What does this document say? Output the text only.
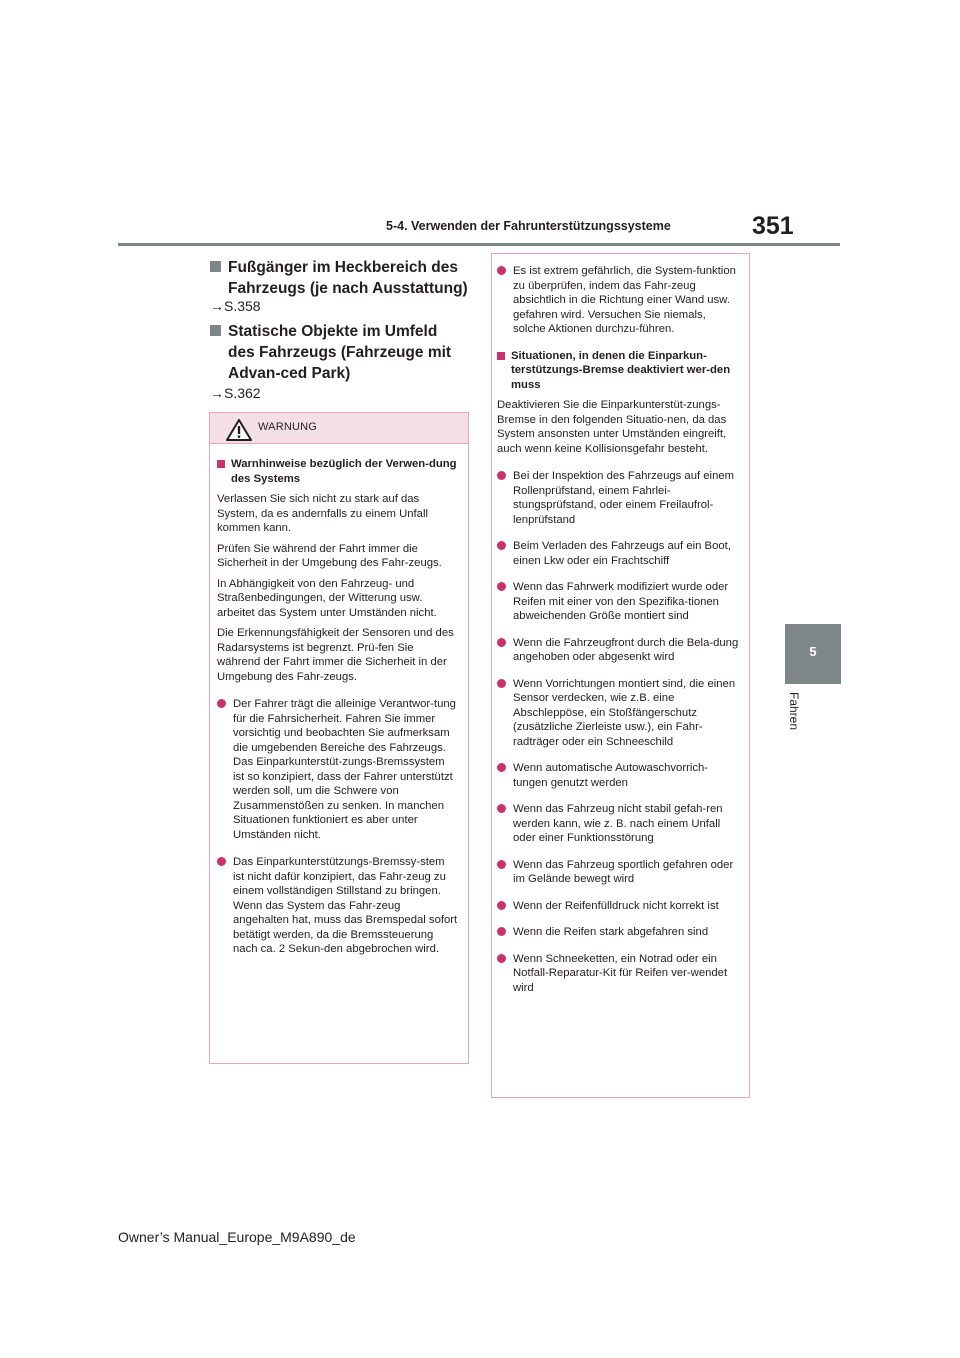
5-4. Verwenden der Fahrunterstützungssysteme	351
5
Fahren
Fußgänger im Heckbereich des Fahrzeugs (je nach Ausstattung)
→S.358
Statische Objekte im Umfeld des Fahrzeugs (Fahrzeuge mit Advan-ced Park)
→S.362
WARNUNG
Warnhinweise bezüglich der Verwen-dung des Systems

Verlassen Sie sich nicht zu stark auf das System, da es andernfalls zu einem Unfall kommen kann.

Prüfen Sie während der Fahrt immer die Sicherheit in der Umgebung des Fahr-zeugs.

In Abhängigkeit von den Fahrzeug- und Straßenbedingungen, der Witterung usw. arbeitet das System unter Umständen nicht.

Die Erkennungsfähigkeit der Sensoren und des Radarsystems ist begrenzt. Prü-fen Sie während der Fahrt immer die Sicherheit in der Umgebung des Fahr-zeugs.

Der Fahrer trägt die alleinige Verantwor-tung für die Fahrsicherheit. Fahren Sie immer vorsichtig und beobachten Sie aufmerksam die umgebenden Bereiche des Fahrzeugs. Das Einparkunterstüt-zungs-Bremssystem ist so konzipiert, dass der Fahrer unterstützt werden soll, um die Schwere von Zusammenstößen zu senken. In manchen Situationen funktioniert es aber unter Umständen nicht.
Das Einparkunterstützungs-Bremssy-stem ist nicht dafür konzipiert, das Fahr-zeug zu einem vollständigen Stillstand zu bringen. Wenn das System das Fahr-zeug angehalten hat, muss das Bremspedal sofort betätigt werden, da die Bremssteuerung nach ca. 2 Sekun-den abgebrochen wird.
Es ist extrem gefährlich, die System-funktion zu überprüfen, indem das Fahr-zeug absichtlich in die Richtung einer Wand usw. gefahren wird. Versuchen Sie niemals, solche Aktionen durchzu-führen.
Situationen, in denen die Einparkun-terstützungs-Bremse deaktiviert wer-den muss

Deaktivieren Sie die Einparkunterstüt-zungs-Bremse in den folgenden Situatio-nen, da das System ansonsten unter Umständen eingreift, auch wenn keine Kollisionsgefahr besteht.

Bei der Inspektion des Fahrzeugs auf einem Rollenprüfstand, einem Fahrlei-stungsprüfstand, oder einem Freilaufrol-lenprüfstand
Beim Verladen des Fahrzeugs auf ein Boot, einen Lkw oder ein Frachtschiff
Wenn das Fahrwerk modifiziert wurde oder Reifen mit einer von den Spezifika-tionen abweichenden Größe montiert sind
Wenn die Fahrzeugfront durch die Bela-dung angehoben oder abgesenkt wird
Wenn Vorrichtungen montiert sind, die einen Sensor verdecken, wie z.B. eine Abschleppöse, ein Stoßfängerschutz (zusätzliche Zierleiste usw.), ein Fahr-radträger oder ein Schneeschild
Wenn automatische Autowaschvorrich-tungen genutzt werden
Wenn das Fahrzeug nicht stabil gefah-ren werden kann, wie z. B. nach einem Unfall oder einer Funktionsstörung
Wenn das Fahrzeug sportlich gefahren oder im Gelände bewegt wird
Wenn der Reifenfülldruck nicht korrekt ist
Wenn die Reifen stark abgefahren sind
Wenn Schneeketten, ein Notrad oder ein Notfall-Reparatur-Kit für Reifen ver-wendet wird
Owner’s Manual_Europe_M9A890_de
